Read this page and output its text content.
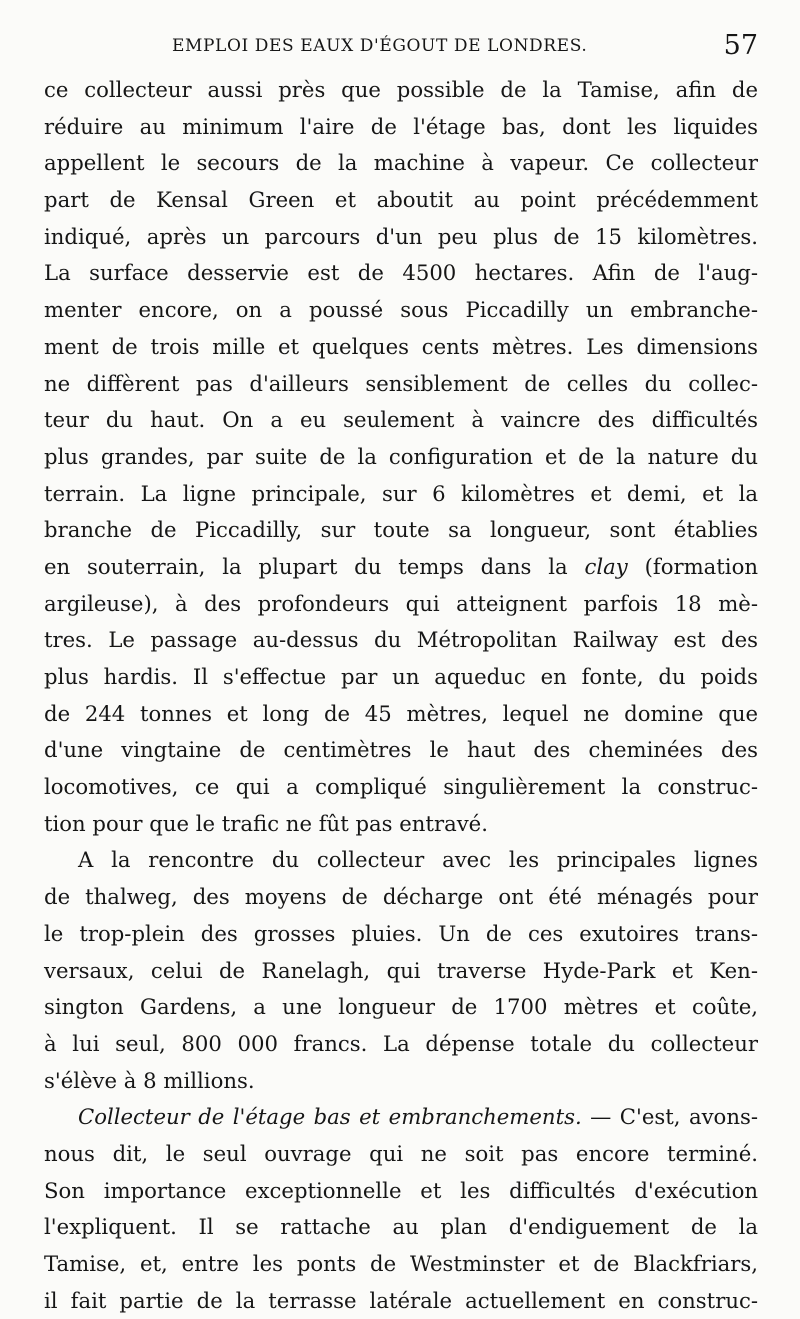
EMPLOI DES EAUX D'ÉGOUT DE LONDRES.	57
ce collecteur aussi près que possible de la Tamise, afin de
réduire au minimum l'aire de l'étage bas, dont les liquides
appellent le secours de la machine à vapeur. Ce collecteur
part de Kensal Green et aboutit au point précédemment
indiqué, après un parcours d'un peu plus de 15 kilomètres.
La surface desservie est de 4500 hectares. Afin de l'aug-
menter encore, on a poussé sous Piccadilly un embranche-
ment de trois mille et quelques cents mètres. Les dimensions
ne diffèrent pas d'ailleurs sensiblement de celles du collec-
teur du haut. On a eu seulement à vaincre des difficultés
plus grandes, par suite de la configuration et de la nature du
terrain. La ligne principale, sur 6 kilomètres et demi, et la
branche de Piccadilly, sur toute sa longueur, sont établies
en souterrain, la plupart du temps dans la clay (formation
argileuse), à des profondeurs qui atteignent parfois 18 mè-
tres. Le passage au-dessus du Métropolitan Railway est des
plus hardis. Il s'effectue par un aqueduc en fonte, du poids
de 244 tonnes et long de 45 mètres, lequel ne domine que
d'une vingtaine de centimètres le haut des cheminées des
locomotives, ce qui a compliqué singulièrement la construc-
tion pour que le trafic ne fût pas entravé.
A la rencontre du collecteur avec les principales lignes
de thalweg, des moyens de décharge ont été ménagés pour
le trop-plein des grosses pluies. Un de ces exutoires trans-
versaux, celui de Ranelagh, qui traverse Hyde-Park et Ken-
sington Gardens, a une longueur de 1700 mètres et coûte,
à lui seul, 800 000 francs. La dépense totale du collecteur
s'élève à 8 millions.
Collecteur de l'étage bas et embranchements. — C'est, avons-
nous dit, le seul ouvrage qui ne soit pas encore terminé.
Son importance exceptionnelle et les difficultés d'exécution
l'expliquent. Il se rattache au plan d'endiguement de la
Tamise, et, entre les ponts de Westminster et de Blackfriars,
il fait partie de la terrasse latérale actuellement en construc-
